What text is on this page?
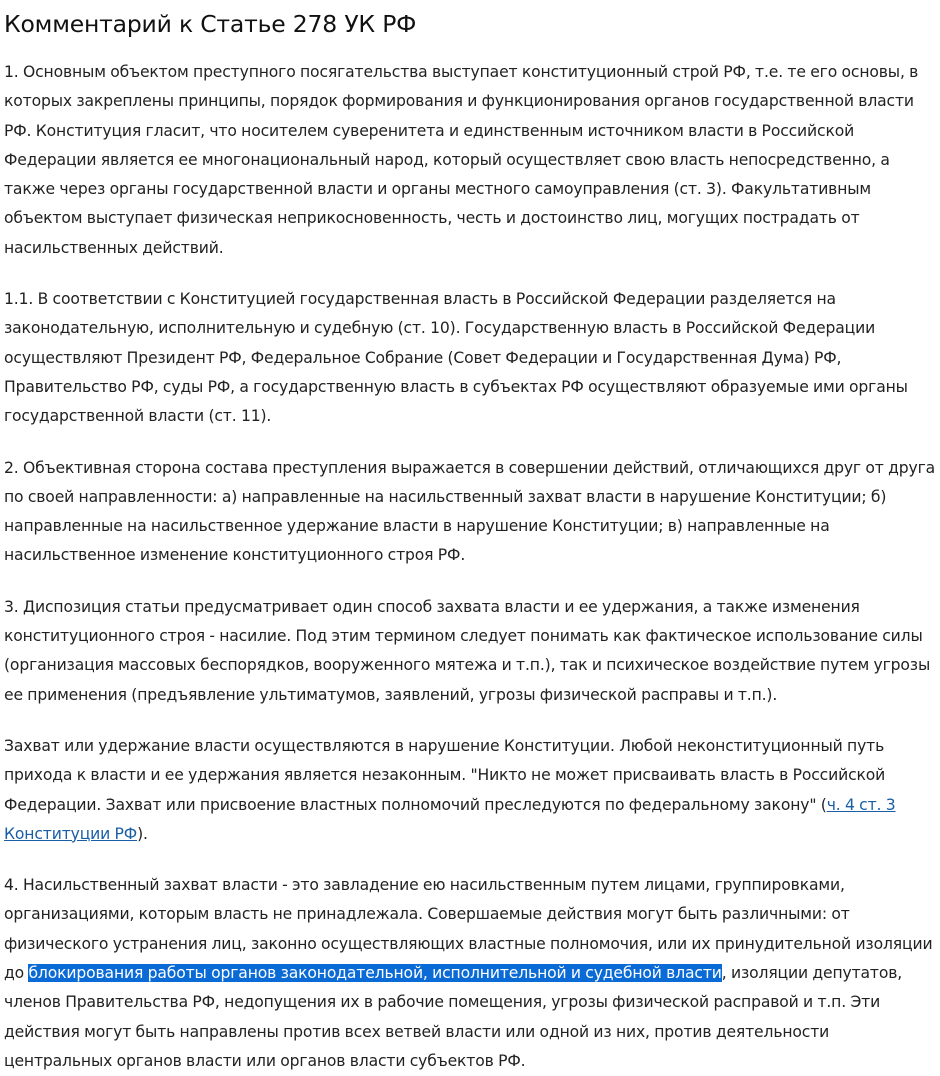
Комментарий к Статье 278 УК РФ

1. Основным объектом преступного посягательства выступает конституционный строй РФ, т.е. те его основы, в которых закреплены принципы, порядок формирования и функционирования органов государственной власти РФ. Конституция гласит, что носителем суверенитета и единственным источником власти в Российской Федерации является ее многонациональный народ, который осуществляет свою власть непосредственно, а также через органы государственной власти и органы местного самоуправления (ст. 3). Факультативным объектом выступает физическая неприкосновенность, честь и достоинство лиц, могущих пострадать от насильственных действий.

1.1. В соответствии с Конституцией государственная власть в Российской Федерации разделяется на законодательную, исполнительную и судебную (ст. 10). Государственную власть в Российской Федерации осуществляют Президент РФ, Федеральное Собрание (Совет Федерации и Государственная Дума) РФ, Правительство РФ, суды РФ, а государственную власть в субъектах РФ осуществляют образуемые ими органы государственной власти (ст. 11).

2. Объективная сторона состава преступления выражается в совершении действий, отличающихся друг от друга по своей направленности: а) направленные на насильственный захват власти в нарушение Конституции; б) направленные на насильственное удержание власти в нарушение Конституции; в) направленные на насильственное изменение конституционного строя РФ.

3. Диспозиция статьи предусматривает один способ захвата власти и ее удержания, а также изменения конституционного строя - насилие. Под этим термином следует понимать как фактическое использование силы (организация массовых беспорядков, вооруженного мятежа и т.п.), так и психическое воздействие путем угрозы ее применения (предъявление ультиматумов, заявлений, угрозы физической расправы и т.п.).

Захват или удержание власти осуществляются в нарушение Конституции. Любой неконституционный путь прихода к власти и ее удержания является незаконным. "Никто не может присваивать власть в Российской Федерации. Захват или присвоение властных полномочий преследуются по федеральному закону" (ч. 4 ст. 3 Конституции РФ).

4. Насильственный захват власти - это завладение ею насильственным путем лицами, группировками, организациями, которым власть не принадлежала. Совершаемые действия могут быть различными: от физического устранения лиц, законно осуществляющих властные полномочия, или их принудительной изоляции до блокирования работы органов законодательной, исполнительной и судебной власти, изоляции депутатов, членов Правительства РФ, недопущения их в рабочие помещения, угрозы физической расправой и т.п. Эти действия могут быть направлены против всех ветвей власти или одной из них, против деятельности центральных органов власти или органов власти субъектов РФ.
